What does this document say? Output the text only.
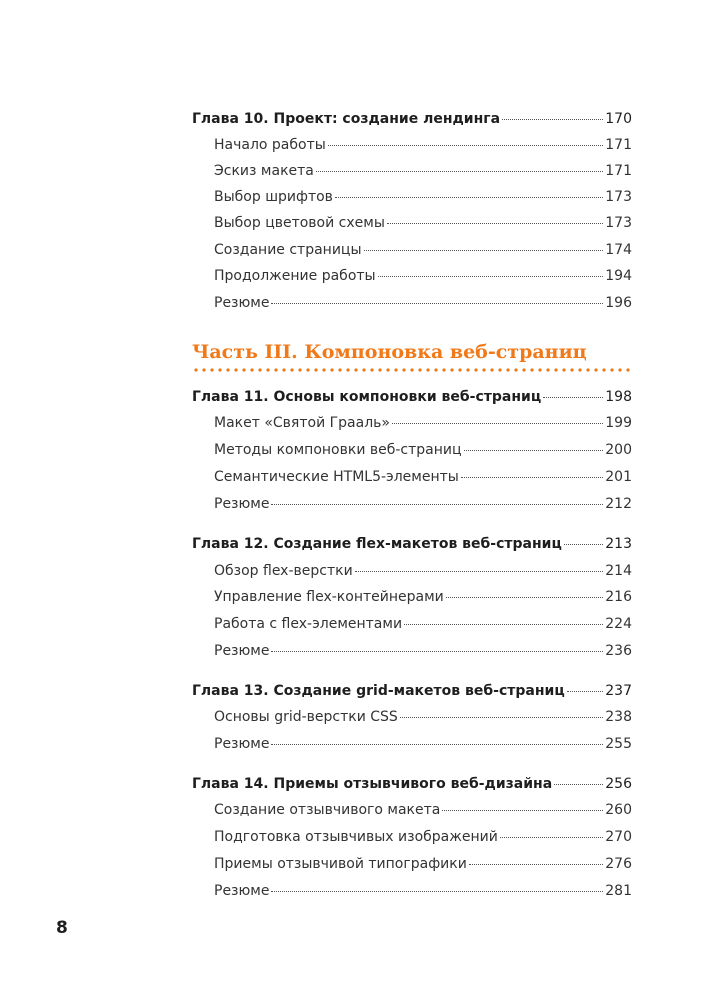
Глава 10. Проект: создание лендинга	170
Начало работы	171
Эскиз макета	171
Выбор шрифтов	173
Выбор цветовой схемы	173
Создание страницы	174
Продолжение работы	194
Резюме	196
Часть III. Компоновка веб-страниц
Глава 11. Основы компоновки веб-страниц	198
Макет «Святой Грааль»	199
Методы компоновки веб-страниц	200
Семантические HTML5-элементы	201
Резюме	212
Глава 12. Создание flex-макетов веб-страниц	213
Обзор flex-верстки	214
Управление flex-контейнерами	216
Работа с flex-элементами	224
Резюме	236
Глава 13. Создание grid-макетов веб-страниц	237
Основы grid-верстки CSS	238
Резюме	255
Глава 14. Приемы отзывчивого веб-дизайна	256
Создание отзывчивого макета	260
Подготовка отзывчивых изображений	270
Приемы отзывчивой типографики	276
Резюме	281
8
